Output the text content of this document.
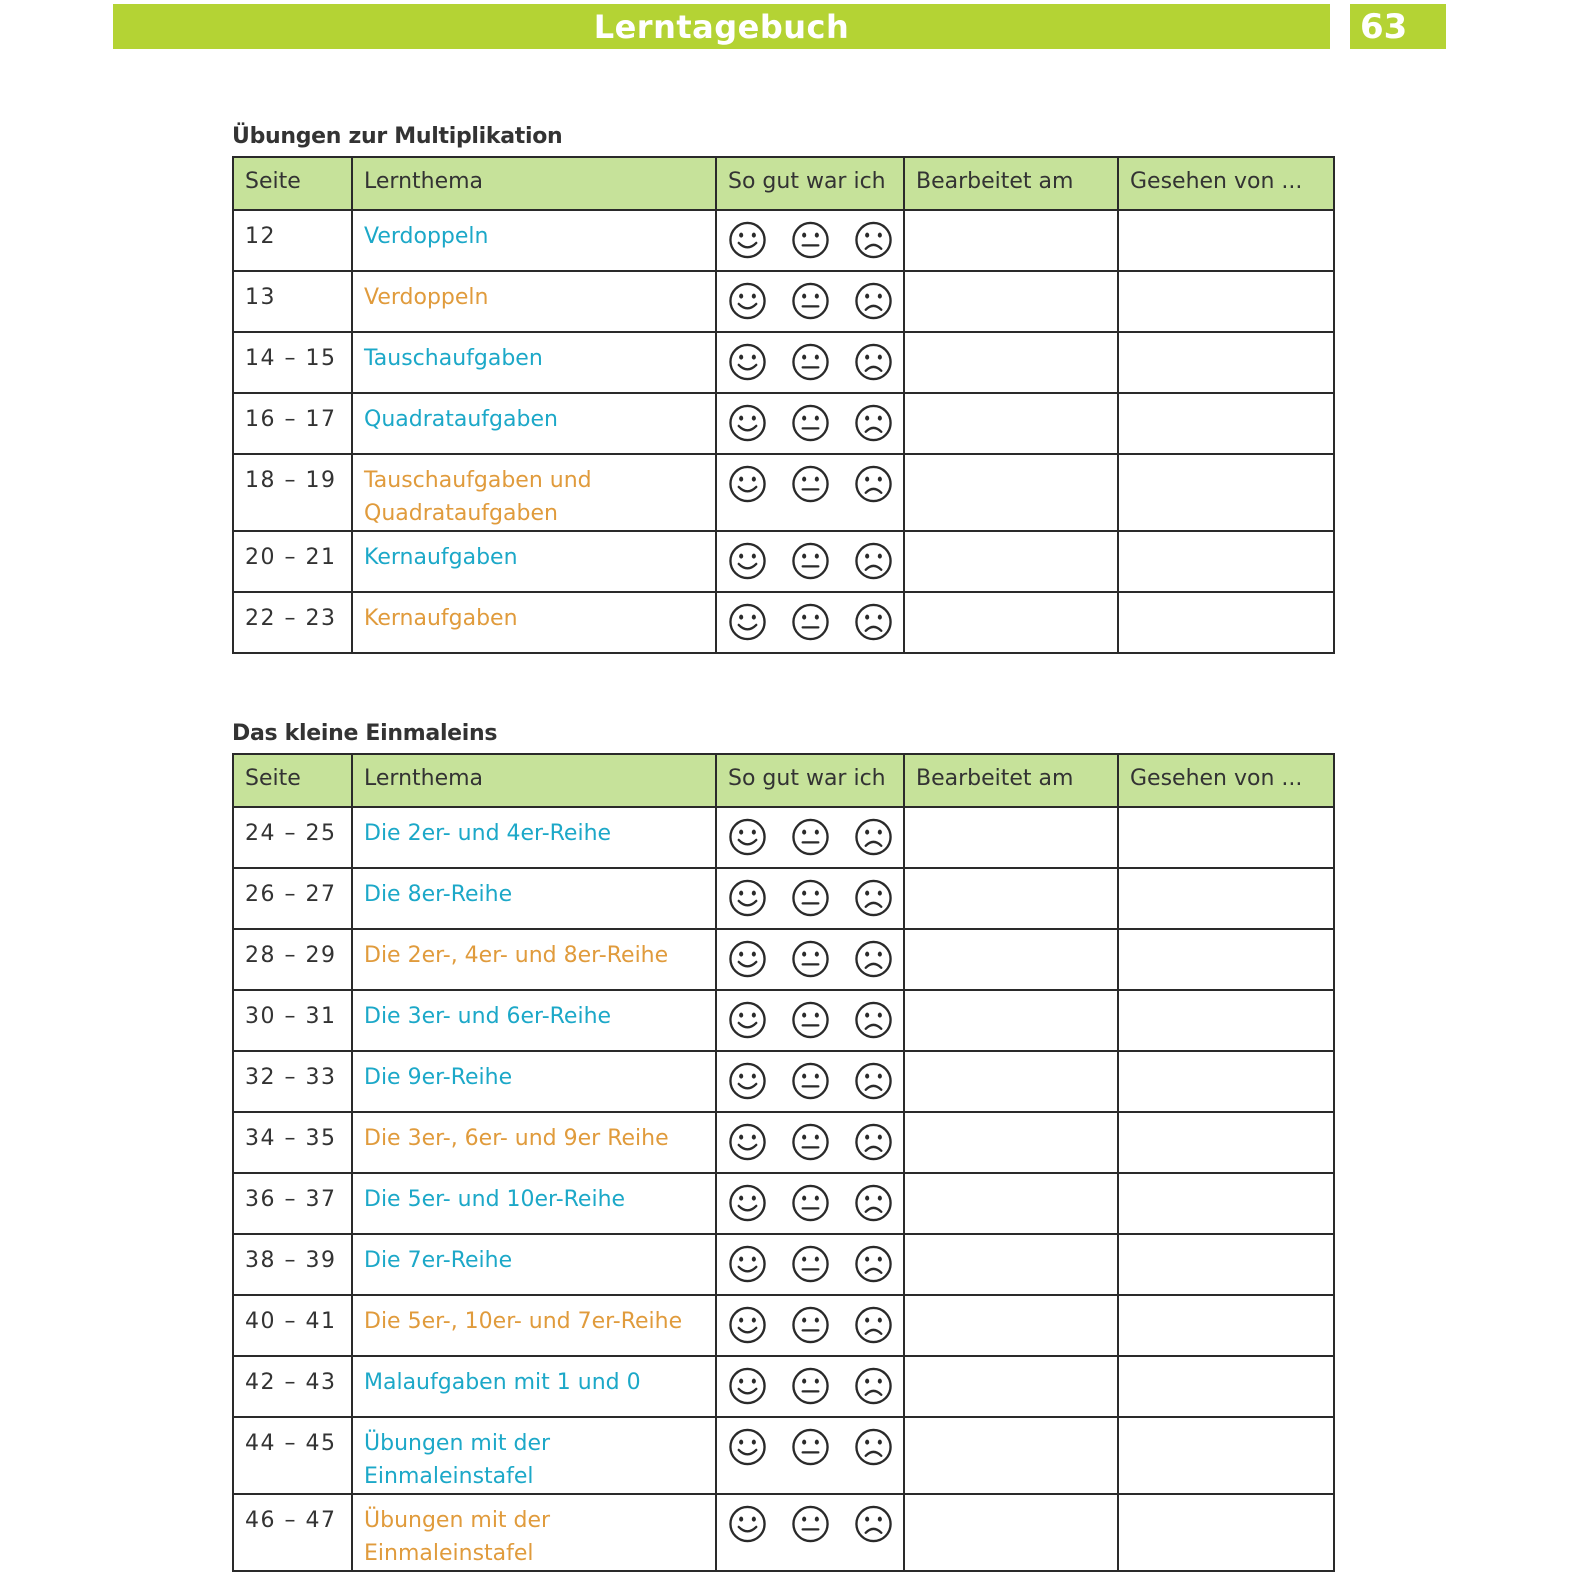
Lerntagebuch	63
Übungen zur Multiplikation
Seite	Lernthema	So gut war ich	Bearbeitet am	Gesehen von ...
12	Verdoppeln	

13	Verdoppeln	

14 – 15	Tauschaufgaben	

16 – 17	Quadrataufgaben	

18 – 19	Tauschaufgaben und Quadrataufgaben	

20 – 21	Kernaufgaben	

22 – 23	Kernaufgaben	

Das kleine Einmaleins
Seite	Lernthema	So gut war ich	Bearbeitet am	Gesehen von ...
24 – 25	Die 2er- und 4er-Reihe	

26 – 27	Die 8er-Reihe	

28 – 29	Die 2er-, 4er- und 8er-Reihe	

30 – 31	Die 3er- und 6er-Reihe	

32 – 33	Die 9er-Reihe	

34 – 35	Die 3er-, 6er- und 9er Reihe	

36 – 37	Die 5er- und 10er-Reihe	

38 – 39	Die 7er-Reihe	

40 – 41	Die 5er-, 10er- und 7er-Reihe	

42 – 43	Malaufgaben mit 1 und 0	

44 – 45	Übungen mit der Einmaleinstafel	

46 – 47	Übungen mit der Einmaleinstafel	
